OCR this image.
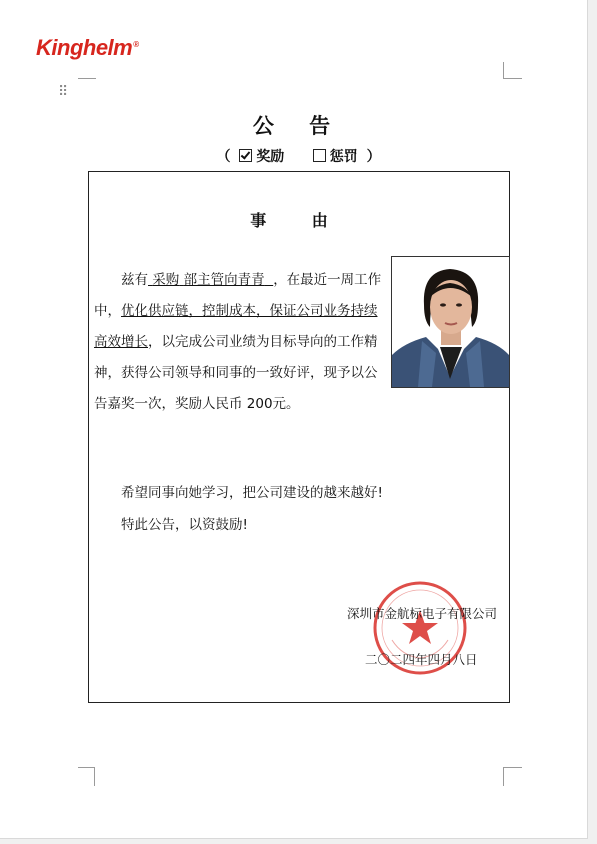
Kinghelm®
⠿
公 告
（ 奖励	惩罚 ）
事 由
兹有 采购 部主管向青青 ，在最近一周工作中，优化供应链，控制成本，保证公司业务持续高效增长，以完成公司业绩为目标导向的工作精神，获得公司领导和同事的一致好评，现予以公告嘉奖一次，奖励人民币 200元。
希望同事向她学习，把公司建设的越来越好!
特此公告，以资鼓励!
深圳市金航标电子有限公司
二〇二四年四月八日
